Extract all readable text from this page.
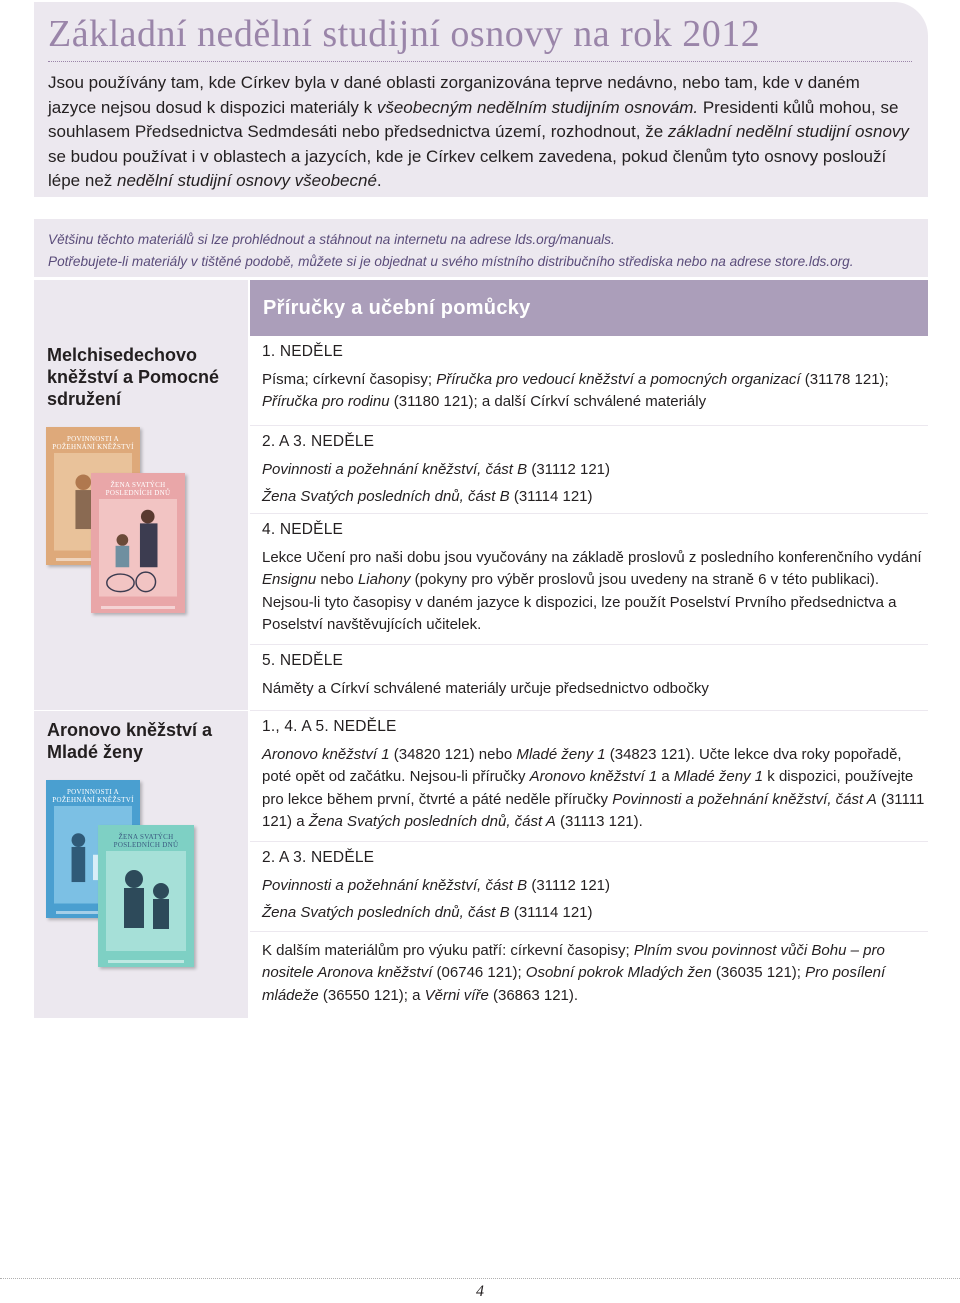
Základní nedělní studijní osnovy na rok 2012
Jsou používány tam, kde Církev byla v dané oblasti zorganizována teprve nedávno, nebo tam, kde v daném jazyce nejsou dosud k dispozici materiály k všeobecným nedělním studijním osnovám. Presidenti kůlů mohou, se souhlasem Předsednictva Sedmdesáti nebo předsednictva území, rozhodnout, že základní nedělní studijní osnovy se budou používat i v oblastech a jazycích, kde je Církev celkem zavedena, pokud členům tyto osnovy poslouží lépe než nedělní studijní osnovy všeobecné.
Většinu těchto materiálů si lze prohlédnout a stáhnout na internetu na adrese lds.org/manuals.
Potřebujete-li materiály v tištěné podobě, můžete si je objednat u svého místního distribučního střediska nebo na adrese store.lds.org.
Příručky a učební pomůcky
Melchisedechovo kněžství a Pomocné sdružení
POVINNOSTI A POŽEHNÁNÍ KNĚŽSTVÍ
ŽENA SVATÝCH POSLEDNÍCH DNŮ
Aronovo kněžství a Mladé ženy
POVINNOSTI A POŽEHNÁNÍ KNĚŽSTVÍ
ŽENA SVATÝCH POSLEDNÍCH DNŮ
1. NEDĚLE

Písma; církevní časopisy; Příručka pro vedoucí kněžství a pomocných organizací (31178 121); Příručka pro rodinu (31180 121); a další Církví schválené materiály

2. A 3. NEDĚLE

Povinnosti a požehnání kněžství, část B (31112 121)

Žena Svatých posledních dnů, část B (31114 121)

4. NEDĚLE

Lekce Učení pro naši dobu jsou vyučovány na základě proslovů z posledního konferenčního vydání Ensignu nebo Liahony (pokyny pro výběr proslovů jsou uvedeny na straně 6 v této publikaci). Nejsou-li tyto časopisy v daném jazyce k dispozici, lze použít Poselství Prvního předsednictva a Poselství navštěvujících učitelek.

5. NEDĚLE

Náměty a Církví schválené materiály určuje předsednictvo odbočky

1., 4. A 5. NEDĚLE

Aronovo kněžství 1 (34820 121) nebo Mladé ženy 1 (34823 121). Učte lekce dva roky popořadě, poté opět od začátku. Nejsou-li příručky Aronovo kněžství 1 a Mladé ženy 1 k dispozici, používejte pro lekce během první, čtvrté a páté neděle příručky Povinnosti a požehnání kněžství, část A (31111 121) a Žena Svatých posledních dnů, část A (31113 121).

2. A 3. NEDĚLE

Povinnosti a požehnání kněžství, část B (31112 121)

Žena Svatých posledních dnů, část B (31114 121)

K dalším materiálům pro výuku patří: církevní časopisy; Plním svou povinnost vůči Bohu – pro nositele Aronova kněžství (06746 121); Osobní pokrok Mladých žen (36035 121); Pro posílení mládeže (36550 121); a Věrni víře (36863 121).

4
